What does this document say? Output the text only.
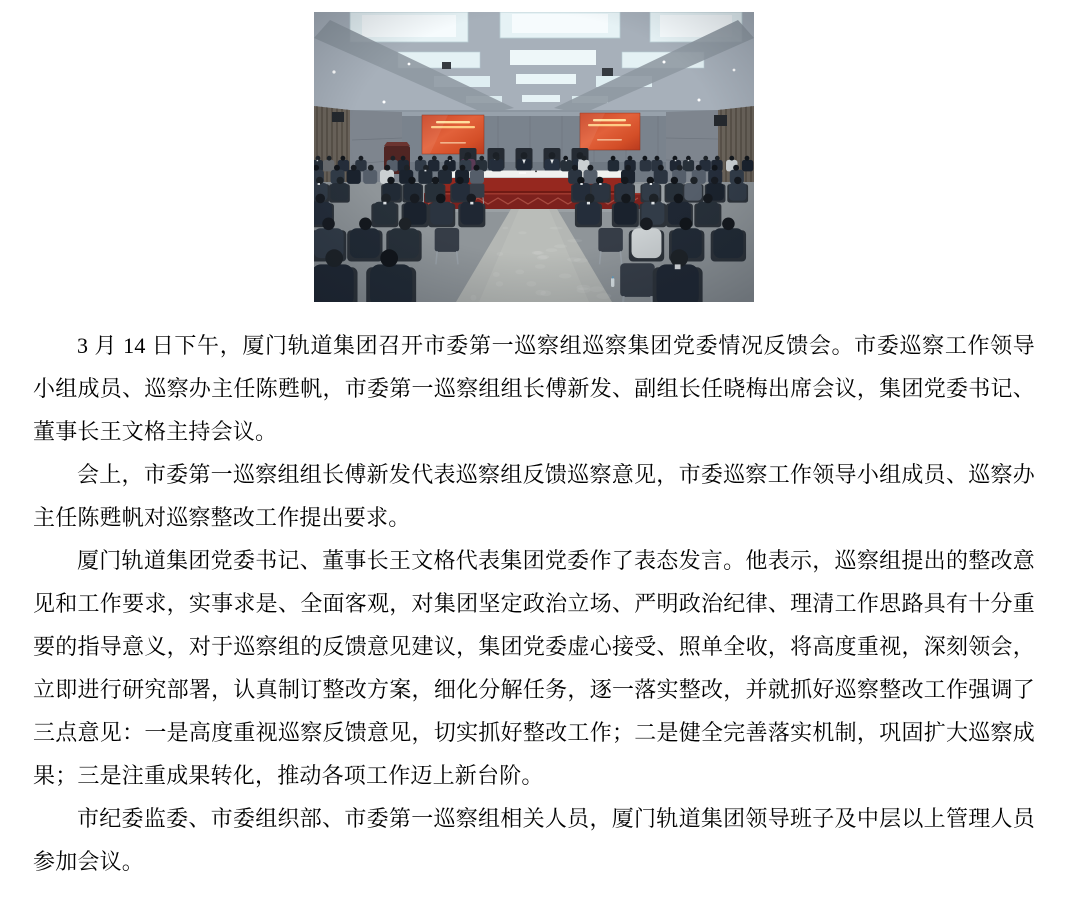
3 月 14 日下午，厦门轨道集团召开市委第一巡察组巡察集团党委情况反馈会。市委巡察工作领导小组成员、巡察办主任陈甦帆，市委第一巡察组组长傅新发、副组长任晓梅出席会议，集团党委书记、董事长王文格主持会议。

会上，市委第一巡察组组长傅新发代表巡察组反馈巡察意见，市委巡察工作领导小组成员、巡察办主任陈甦帆对巡察整改工作提出要求。

厦门轨道集团党委书记、董事长王文格代表集团党委作了表态发言。他表示，巡察组提出的整改意见和工作要求，实事求是、全面客观，对集团坚定政治立场、严明政治纪律、理清工作思路具有十分重要的指导意义，对于巡察组的反馈意见建议，集团党委虚心接受、照单全收，将高度重视，深刻领会，立即进行研究部署，认真制订整改方案，细化分解任务，逐一落实整改，并就抓好巡察整改工作强调了三点意见：一是高度重视巡察反馈意见，切实抓好整改工作；二是健全完善落实机制，巩固扩大巡察成果；三是注重成果转化，推动各项工作迈上新台阶。

市纪委监委、市委组织部、市委第一巡察组相关人员，厦门轨道集团领导班子及中层以上管理人员参加会议。
